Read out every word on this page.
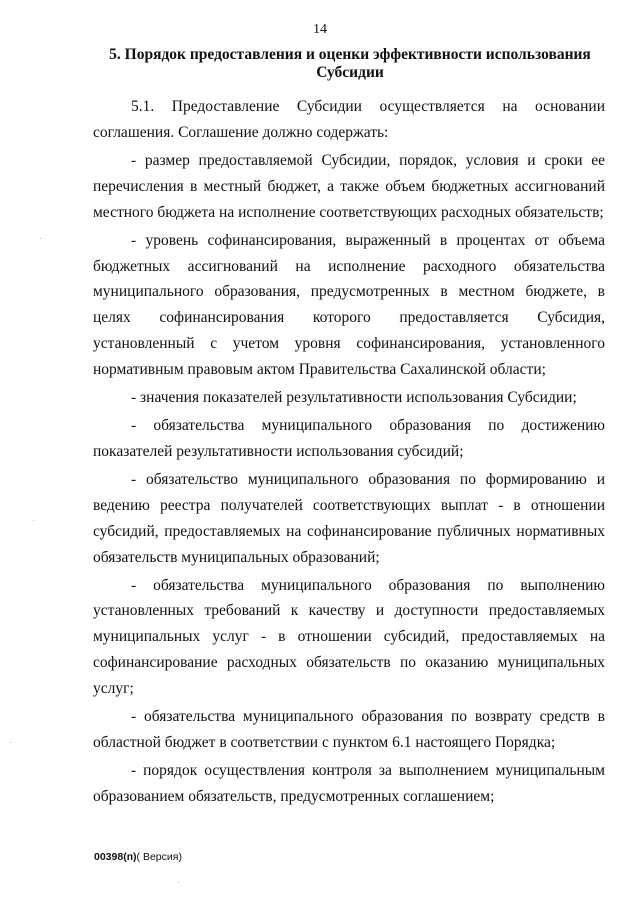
14
5. Порядок предоставления и оценки эффективности использования Субсидии

5.1. Предоставление Субсидии осуществляется на основании соглашения. Соглашение должно содержать:

- размер предоставляемой Субсидии, порядок, условия и сроки ее перечисления в местный бюджет, а также объем бюджетных ассигнований местного бюджета на исполнение соответствующих расходных обязательств;

- уровень софинансирования, выраженный в процентах от объема бюджетных ассигнований на исполнение расходного обязательства муниципального образования, предусмотренных в местном бюджете, в целях софинансирования которого предоставляется Субсидия, установленный с учетом уровня софинансирования, установленного нормативным правовым актом Правительства Сахалинской области;

- значения показателей результативности использования Субсидии;

- обязательства муниципального образования по достижению показателей результативности использования субсидий;

- обязательство муниципального образования по формированию и ведению реестра получателей соответствующих выплат - в отношении субсидий, предоставляемых на софинансирование публичных нормативных обязательств муниципальных образований;

- обязательства муниципального образования по выполнению установленных требований к качеству и доступности предоставляемых муниципальных услуг - в отношении субсидий, предоставляемых на софинансирование расходных обязательств по оказанию муниципальных услуг;

- обязательства муниципального образования по возврату средств в областной бюджет в соответствии с пунктом 6.1 настоящего Порядка;

- порядок осуществления контроля за выполнением муниципальным образованием обязательств, предусмотренных соглашением;

00398(п)( Версия)
